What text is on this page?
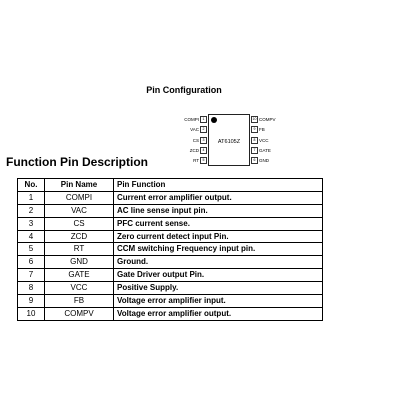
Pin Configuration
AT6105Z
COMPI 1
VAC 2
CS 3
ZCD 4
RT 5
10 COMPV
9 FB
8 VCC
7 GATE
6 GND
Function Pin Description
No.	Pin Name	Pin Function
1	COMPI	Current error amplifier output.
2	VAC	AC line sense input pin.
3	CS	PFC current sense.
4	ZCD	Zero current detect input Pin.
5	RT	CCM switching Frequency input pin.
6	GND	Ground.
7	GATE	Gate Driver output Pin.
8	VCC	Positive Supply.
9	FB	Voltage error amplifier input.
10	COMPV	Voltage error amplifier output.
